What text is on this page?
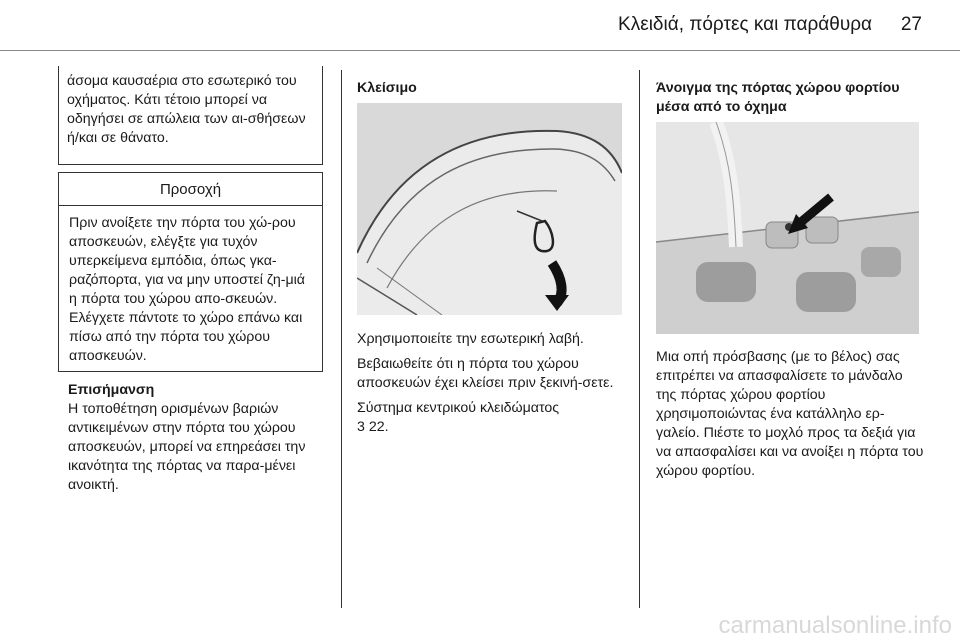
Κλειδιά, πόρτες και παράθυρα 27
άσομα καυσαέρια στο εσωτερικό του οχήματος. Κάτι τέτοιο μπορεί να οδηγήσει σε απώλεια των αι-σθήσεων ή/και σε θάνατο.
Προσοχή
Πριν ανοίξετε την πόρτα του χώ-ρου αποσκευών, ελέγξτε για τυχόν υπερκείμενα εμπόδια, όπως γκα-ραζόπορτα, για να μην υποστεί ζη-μιά η πόρτα του χώρου απο-σκευών. Ελέγχετε πάντοτε το χώρο επάνω και πίσω από την πόρτα του χώρου αποσκευών.

Επισήμανση

Η τοποθέτηση ορισμένων βαριών αντικειμένων στην πόρτα του χώρου αποσκευών, μπορεί να επηρεάσει την ικανότητα της πόρτας να παρα-μένει ανοικτή.

Κλείσιμο

Χρησιμοποιείτε την εσωτερική λαβή.

Βεβαιωθείτε ότι η πόρτα του χώρου αποσκευών έχει κλείσει πριν ξεκινή-σετε.

Σύστημα κεντρικού κλειδώματος

3 22.

Άνοιγμα της πόρτας χώρου φορτίου μέσα από το όχημα
Μια οπή πρόσβασης (με το βέλος) σας επιτρέπει να απασφαλίσετε το μάνδαλο της πόρτας χώρου φορτίου χρησιμοποιώντας ένα κατάλληλο ερ-γαλείο. Πιέστε το μοχλό προς τα δεξιά για να απασφαλίσει και να ανοίξει η πόρτα του χώρου φορτίου.
carmanualsonline.info
